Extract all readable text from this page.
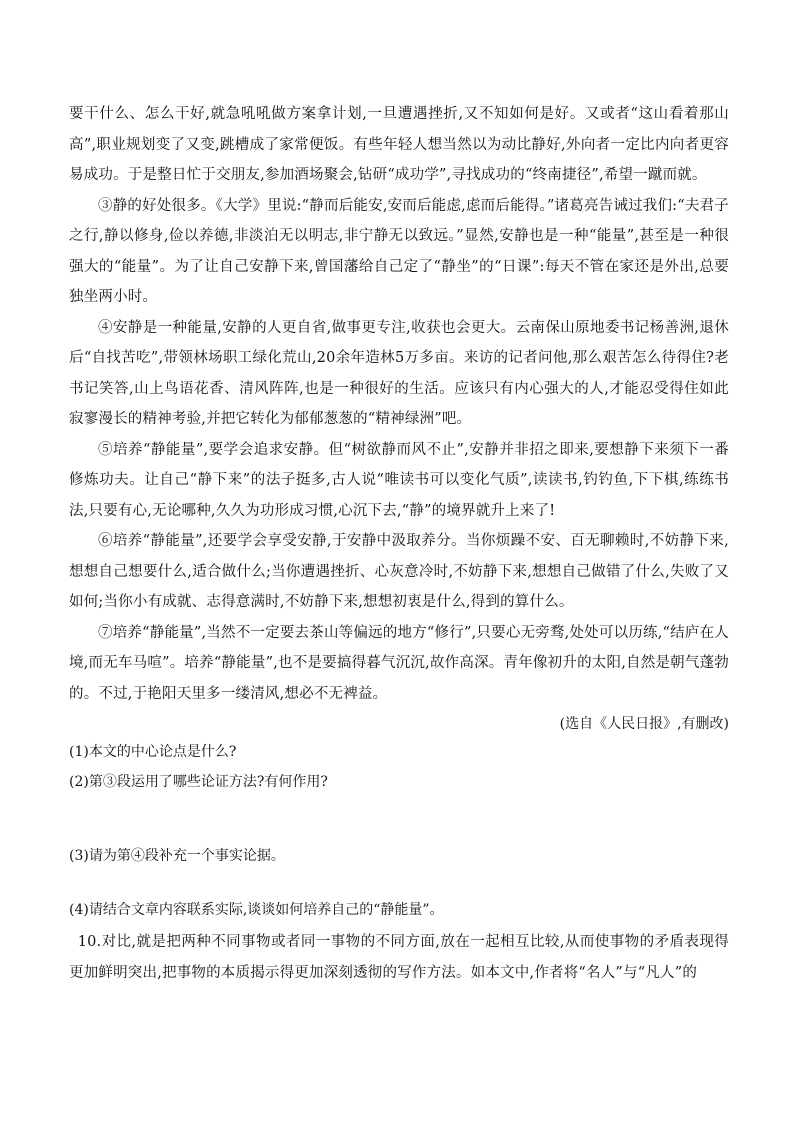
要干什么、怎么干好,就急吼吼做方案拿计划,一旦遭遇挫折,又不知如何是好。又或者“这山看着那山高”,职业规划变了又变,跳槽成了家常便饭。有些年轻人想当然以为动比静好,外向者一定比内向者更容易成功。于是整日忙于交朋友,参加酒场聚会,钻研“成功学”,寻找成功的“终南捷径”,希望一蹴而就。

③静的好处很多。《大学》里说:“静而后能安,安而后能虑,虑而后能得。”诸葛亮告诫过我们:“夫君子之行,静以修身,俭以养德,非淡泊无以明志,非宁静无以致远。”显然,安静也是一种“能量”,甚至是一种很强大的“能量”。为了让自己安静下来,曾国藩给自己定了“静坐”的“日课”:每天不管在家还是外出,总要独坐两小时。

④安静是一种能量,安静的人更自省,做事更专注,收获也会更大。云南保山原地委书记杨善洲,退休后“自找苦吃”,带领林场职工绿化荒山,20余年造林5万多亩。来访的记者问他,那么艰苦怎么待得住?老书记笑答,山上鸟语花香、清风阵阵,也是一种很好的生活。应该只有内心强大的人,才能忍受得住如此寂寥漫长的精神考验,并把它转化为郁郁葱葱的“精神绿洲”吧。

⑤培养“静能量”,要学会追求安静。但“树欲静而风不止”,安静并非招之即来,要想静下来须下一番修炼功夫。让自己“静下来”的法子挺多,古人说“唯读书可以变化气质”,读读书,钓钓鱼,下下棋,练练书法,只要有心,无论哪种,久久为功形成习惯,心沉下去,“静”的境界就升上来了!

⑥培养“静能量”,还要学会享受安静,于安静中汲取养分。当你烦躁不安、百无聊赖时,不妨静下来,想想自己想要什么,适合做什么;当你遭遇挫折、心灰意冷时,不妨静下来,想想自己做错了什么,失败了又如何;当你小有成就、志得意满时,不妨静下来,想想初衷是什么,得到的算什么。

⑦培养“静能量”,当然不一定要去茶山等偏远的地方“修行”,只要心无旁骛,处处可以历练,“结庐在人境,而无车马喧”。培养“静能量”,也不是要搞得暮气沉沉,故作高深。青年像初升的太阳,自然是朝气蓬勃的。不过,于艳阳天里多一缕清风,想必不无裨益。

(选自《人民日报》,有删改)

(1)本文的中心论点是什么?

(2)第③段运用了哪些论证方法?有何作用?

(3)请为第④段补充一个事实论据。

(4)请结合文章内容联系实际,谈谈如何培养自己的“静能量”。

10.对比,就是把两种不同事物或者同一事物的不同方面,放在一起相互比较,从而使事物的矛盾表现得更加鲜明突出,把事物的本质揭示得更加深刻透彻的写作方法。如本文中,作者将“名人”与“凡人”的
